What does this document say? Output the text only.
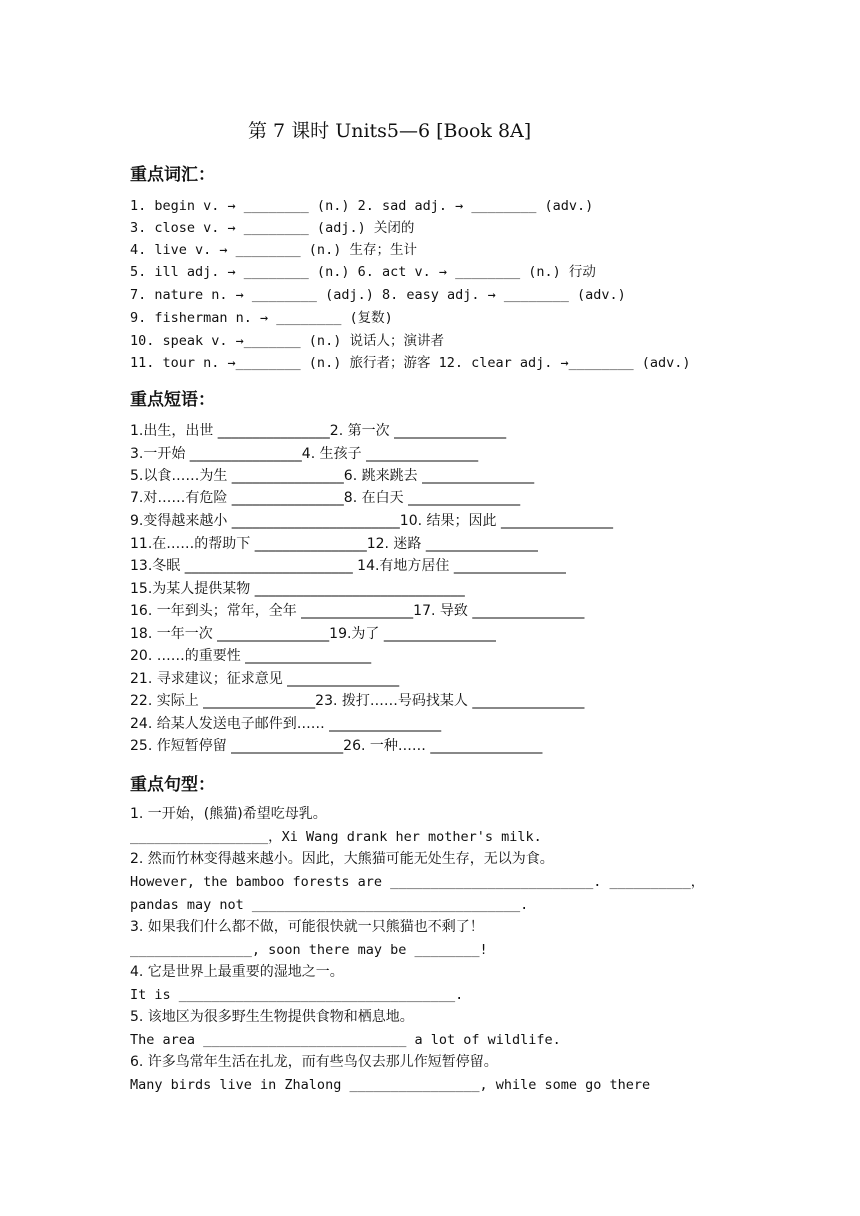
第 7 课时 Units5—6 [Book 8A]
重点词汇：
1. begin v. → ________ (n.) 2. sad adj. → ________ (adv.)
3. close v. → ________ (adj.) 关闭的
4. live v. → ________ (n.) 生存；生计
5. ill adj. → ________ (n.) 6. act v. → ________ (n.) 行动
7. nature n. → ________ (adj.) 8. easy adj. → ________ (adv.)
9. fisherman n. → ________ (复数)
10. speak v. →_______ (n.) 说话人；演讲者
11. tour n. →________ (n.) 旅行者；游客 12. clear adj. →________ (adv.)
重点短语：
1.出生，出世 ________________2. 第一次 ________________
3.一开始 ________________4. 生孩子 ________________
5.以食……为生 ________________6. 跳来跳去 ________________
7.对……有危险 ________________8. 在白天 ________________
9.变得越来越小 ________________________10. 结果；因此 ________________
11.在……的帮助下 ________________12. 迷路 ________________
13.冬眠 ________________________ 14.有地方居住 ________________
15.为某人提供某物 ______________________________
16. 一年到头；常年，全年 ________________17. 导致 ________________
18. 一年一次 ________________19.为了 ________________
20. ……的重要性 __________________
21. 寻求建议；征求意见 ________________
22. 实际上 ________________23. 拨打……号码找某人 ________________
24. 给某人发送电子邮件到…… ________________
25. 作短暂停留 ________________26. 一种…… ________________
重点句型：
1. 一开始，(熊猫)希望吃母乳。
_________________，Xi Wang drank her mother's milk.
2. 然而竹林变得越来越小。因此，大熊猫可能无处生存，无以为食。
However, the bamboo forests are _________________________. __________，
pandas may not _________________________________.
3. 如果我们什么都不做，可能很快就一只熊猫也不剩了！
_______________, soon there may be ________!
4. 它是世界上最重要的湿地之一。
It is __________________________________.
5. 该地区为很多野生生物提供食物和栖息地。
The area _________________________ a lot of wildlife.
6. 许多鸟常年生活在扎龙，而有些鸟仅去那儿作短暂停留。
Many birds live in Zhalong ________________, while some go there
